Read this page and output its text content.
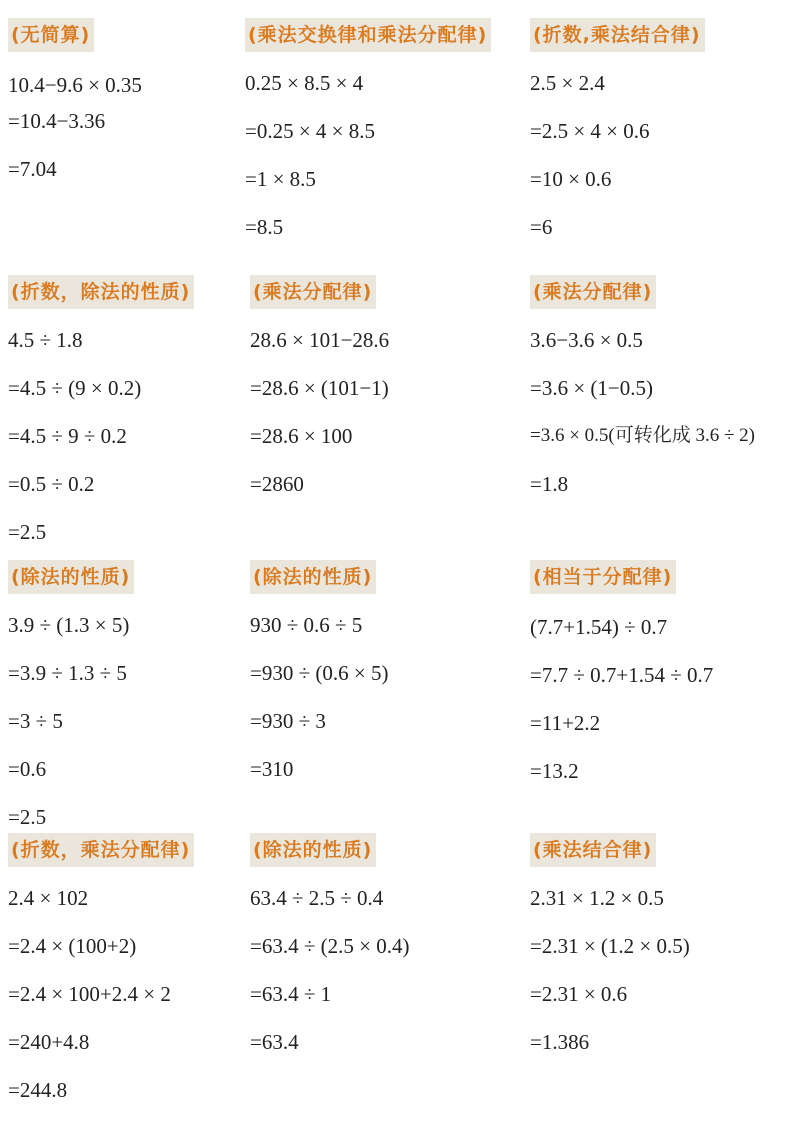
(无简算)
10.4−9.6 × 0.35
=10.4−3.36
=7.04
(乘法交换律和乘法分配律)
0.25 × 8.5 × 4
=0.25 × 4 × 8.5
=1 × 8.5
=8.5
(折数,乘法结合律)
2.5 × 2.4
=2.5 × 4 × 0.6
=10 × 0.6
=6
(折数，除法的性质)
4.5 ÷ 1.8
=4.5 ÷ (9 × 0.2)
=4.5 ÷ 9 ÷ 0.2
=0.5 ÷ 0.2
=2.5
(乘法分配律)
28.6 × 101−28.6
=28.6 × (101−1)
=28.6 × 100
=2860
(乘法分配律)
3.6−3.6 × 0.5
=3.6 × (1−0.5)
=3.6 × 0.5(可转化成 3.6 ÷ 2)
=1.8
(除法的性质)
3.9 ÷ (1.3 × 5)
=3.9 ÷ 1.3 ÷ 5
=3 ÷ 5
=0.6
=2.5
(除法的性质)
930 ÷ 0.6 ÷ 5
=930 ÷ (0.6 × 5)
=930 ÷ 3
=310
(相当于分配律)
(7.7+1.54) ÷ 0.7
=7.7 ÷ 0.7+1.54 ÷ 0.7
=11+2.2
=13.2
(折数，乘法分配律)
2.4 × 102
=2.4 × (100+2)
=2.4 × 100+2.4 × 2
=240+4.8
=244.8
(除法的性质)
63.4 ÷ 2.5 ÷ 0.4
=63.4 ÷ (2.5 × 0.4)
=63.4 ÷ 1
=63.4
(乘法结合律)
2.31 × 1.2 × 0.5
=2.31 × (1.2 × 0.5)
=2.31 × 0.6
=1.386
